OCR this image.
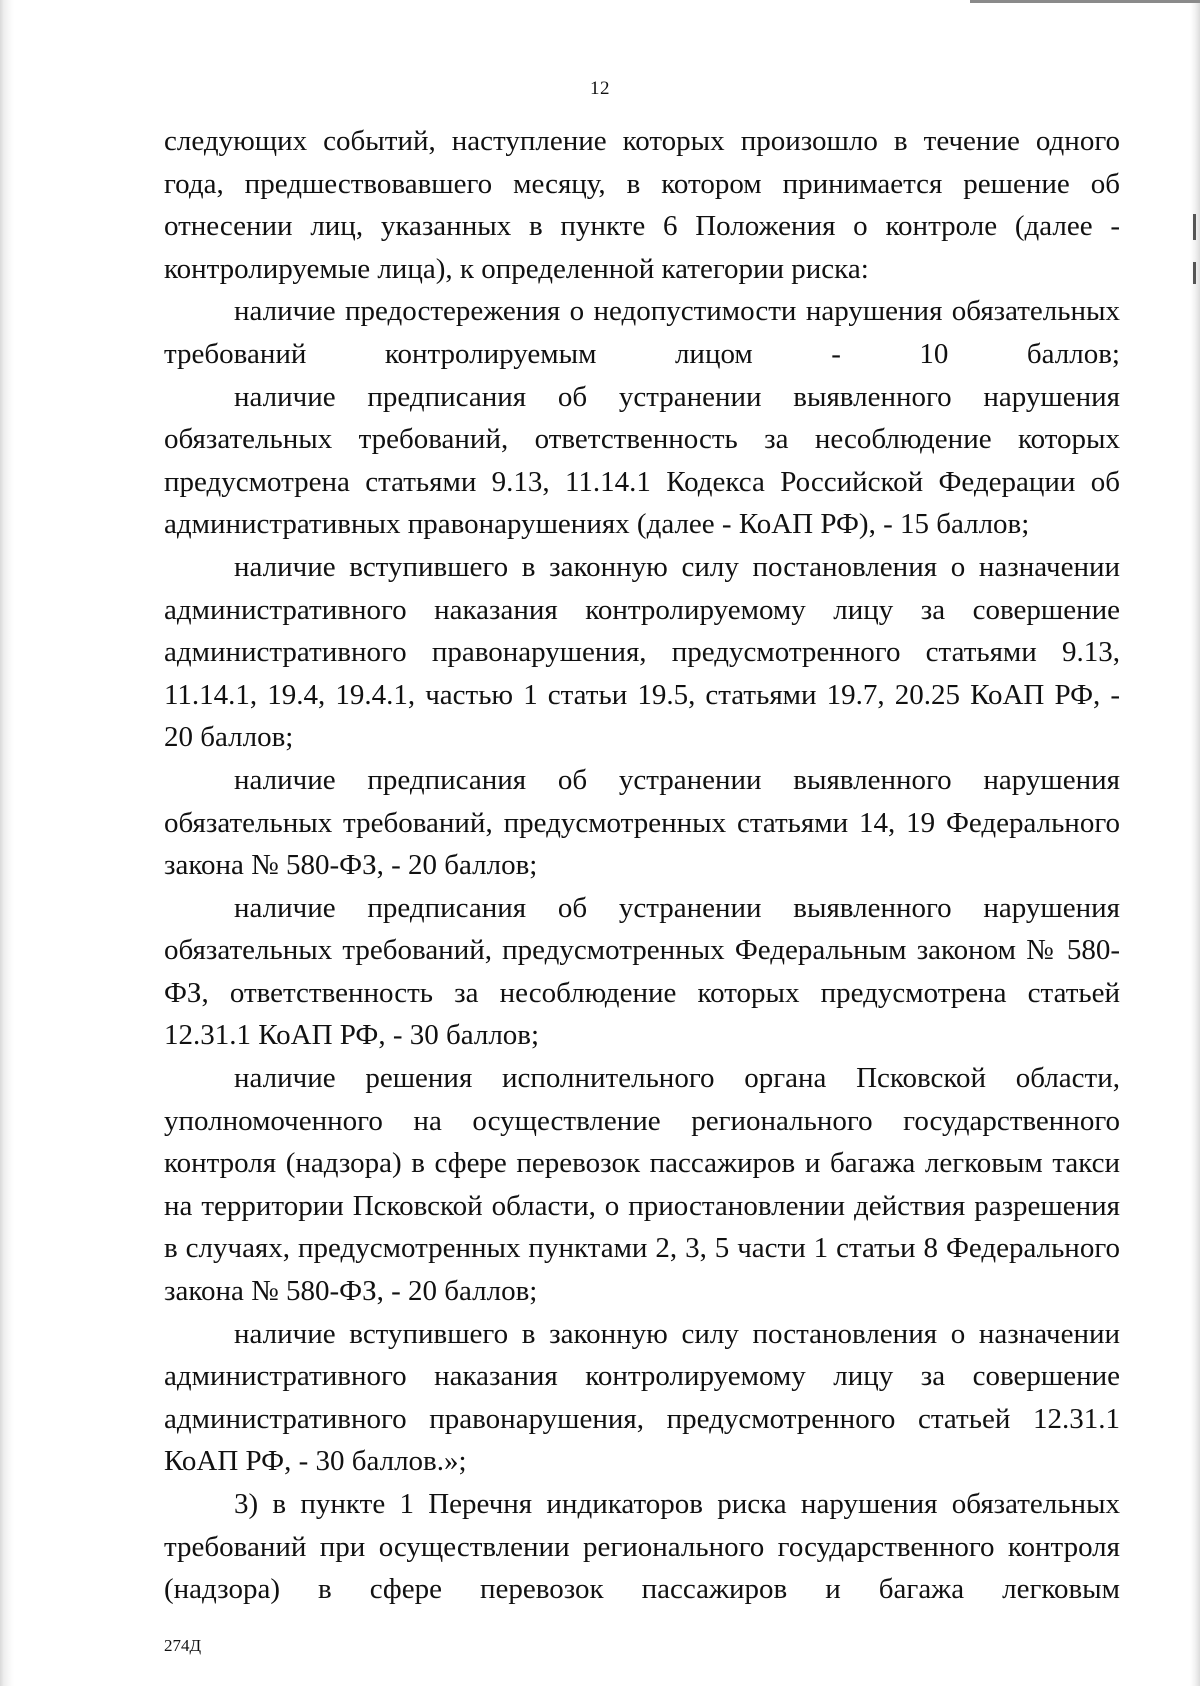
12

следующих событий, наступление которых произошло в течение одного года, предшествовавшего месяцу, в котором принимается решение об отнесении лиц, указанных в пункте 6 Положения о контроле (далее - контролируемые лица), к определенной категории риска:

наличие предостережения о недопустимости нарушения обязательных требований контролируемым лицом - 10 баллов;

наличие предписания об устранении выявленного нарушения обязательных требований, ответственность за несоблюдение которых предусмотрена статьями 9.13, 11.14.1 Кодекса Российской Федерации об административных правонарушениях (далее - КоАП РФ), - 15 баллов;

наличие вступившего в законную силу постановления о назначении административного наказания контролируемому лицу за совершение административного правонарушения, предусмотренного статьями 9.13, 11.14.1, 19.4, 19.4.1, частью 1 статьи 19.5, статьями 19.7, 20.25 КоАП РФ, - 20 баллов;

наличие предписания об устранении выявленного нарушения обязательных требований, предусмотренных статьями 14, 19 Федерального закона № 580-ФЗ, - 20 баллов;

наличие предписания об устранении выявленного нарушения обязательных требований, предусмотренных Федеральным законом № 580-ФЗ, ответственность за несоблюдение которых предусмотрена статьей 12.31.1 КоАП РФ, - 30 баллов;

наличие решения исполнительного органа Псковской области, уполномоченного на осуществление регионального государственного контроля (надзора) в сфере перевозок пассажиров и багажа легковым такси на территории Псковской области, о приостановлении действия разрешения в случаях, предусмотренных пунктами 2, 3, 5 части 1 статьи 8 Федерального закона № 580-ФЗ, - 20 баллов;

наличие вступившего в законную силу постановления о назначении административного наказания контролируемому лицу за совершение административного правонарушения, предусмотренного статьей 12.31.1 КоАП РФ, - 30 баллов.»;

3) в пункте 1 Перечня индикаторов риска нарушения обязательных требований при осуществлении регионального государственного контроля (надзора) в сфере перевозок пассажиров и багажа легковым

274Д
